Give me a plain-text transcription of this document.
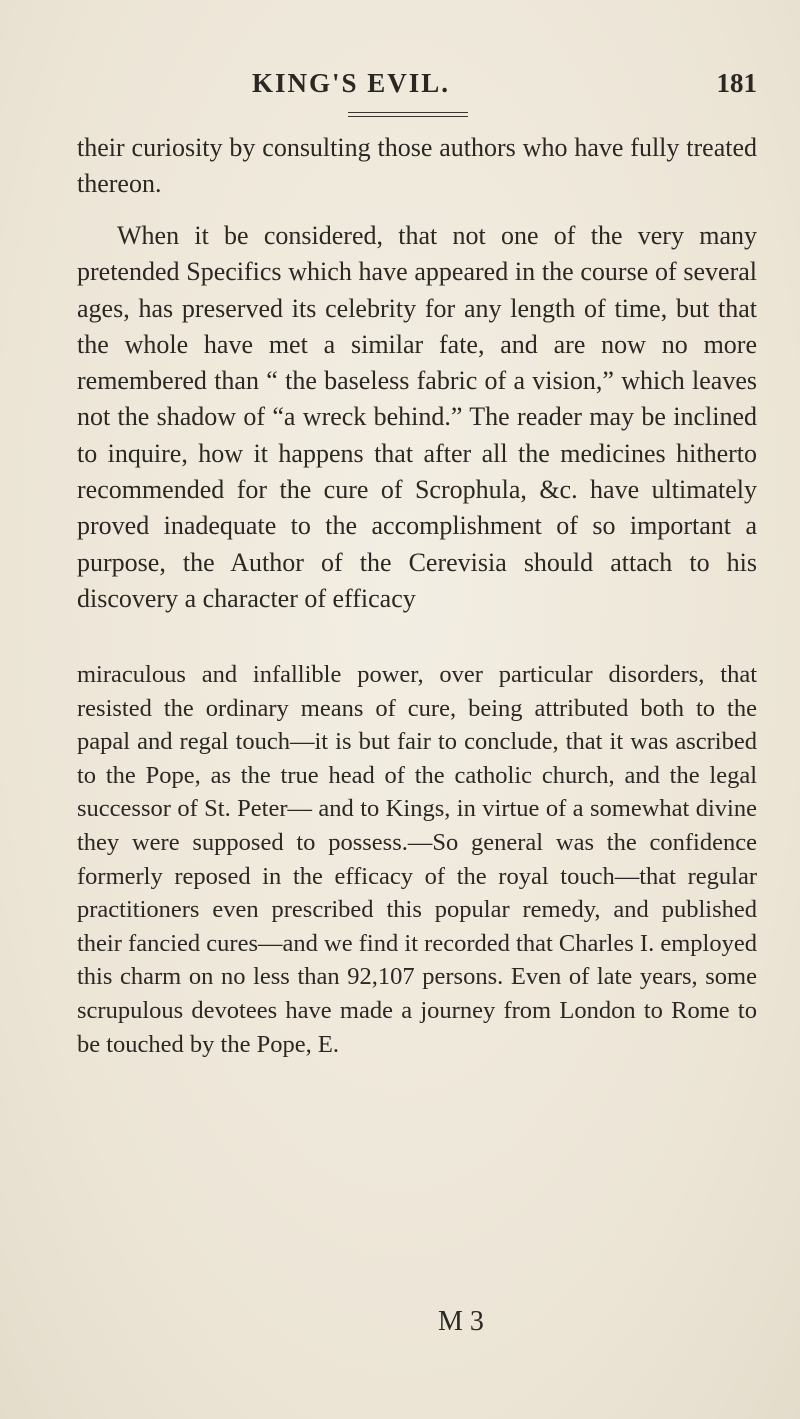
KING'S EVIL.	181

their curiosity by consulting those authors who have fully treated thereon.

When it be considered, that not one of the very many pretended Specifics which have appeared in the course of several ages, has preserved its celebrity for any length of time, but that the whole have met a similar fate, and are now no more remembered than “ the baseless fabric of a vision,” which leaves not the shadow of “a wreck behind.” The reader may be inclined to inquire, how it happens that after all the medicines hitherto recommended for the cure of Scrophula, &c. have ultimately proved inadequate to the accomplishment of so important a purpose, the Author of the Cerevisia should attach to his discovery a character of efficacy

miraculous and infallible power, over particular disorders, that resisted the ordinary means of cure, being attributed both to the papal and regal touch—it is but fair to conclude, that it was ascribed to the Pope, as the true head of the catholic church, and the legal successor of St. Peter— and to Kings, in virtue of a somewhat divine they were supposed to possess.—So general was the confidence formerly reposed in the efficacy of the royal touch—that regular practitioners even prescribed this popular remedy, and published their fancied cures—and we find it recorded that Charles I. employed this charm on no less than 92,107 persons. Even of late years, some scrupulous devotees have made a journey from London to Rome to be touched by the Pope, E.

M 3
